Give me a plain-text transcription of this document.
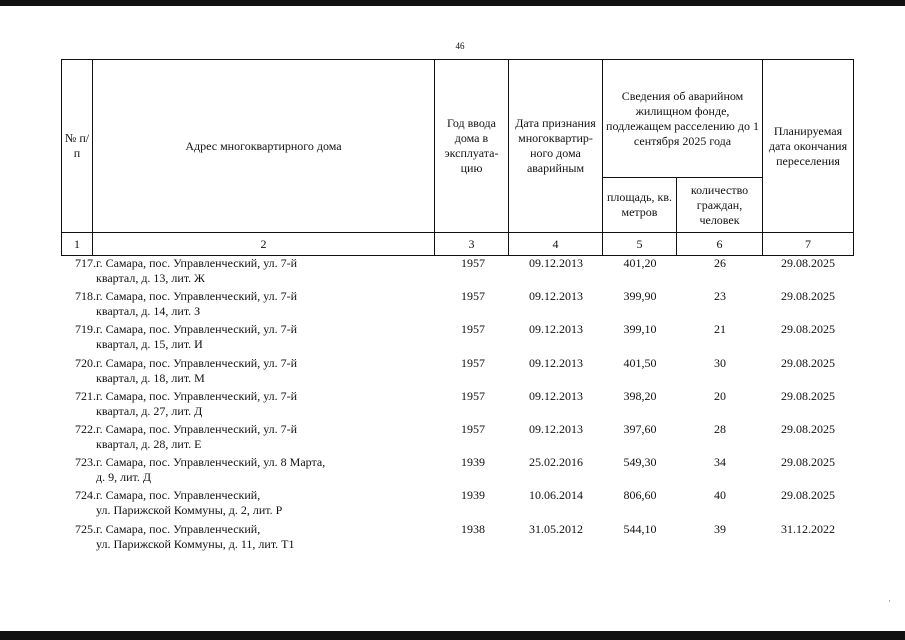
46
№ п/п	Адрес многоквартирного дома	Год ввода дома в эксплуата-цию	Дата признания многоквартир-ного дома аварийным	Сведения об аварийном жилищном фонде, подлежащем расселению до 1 сентября 2025 года		Планируемая дата окончания переселения
				площадь, кв. метров	количество граждан, человек	
1	2	3	4	5	6	7
717. г. Самара, пос. Управленческий, ул. 7-й
квартал, д. 13, лит. Ж
1957	09.12.2013	401,20	26	29.08.2025
718. г. Самара, пос. Управленческий, ул. 7-й
квартал, д. 14, лит. З
1957	09.12.2013	399,90	23	29.08.2025
719. г. Самара, пос. Управленческий, ул. 7-й
квартал, д. 15, лит. И
1957	09.12.2013	399,10	21	29.08.2025
720. г. Самара, пос. Управленческий, ул. 7-й
квартал, д. 18, лит. М
1957	09.12.2013	401,50	30	29.08.2025
721. г. Самара, пос. Управленческий, ул. 7-й
квартал, д. 27, лит. Д
1957	09.12.2013	398,20	20	29.08.2025
722. г. Самара, пос. Управленческий, ул. 7-й
квартал, д. 28, лит. Е
1957	09.12.2013	397,60	28	29.08.2025
723. г. Самара, пос. Управленческий, ул. 8 Марта,
д. 9, лит. Д
1939	25.02.2016	549,30	34	29.08.2025
724. г. Самара, пос. Управленческий,
ул. Парижской Коммуны, д. 2, лит. Р
1939	10.06.2014	806,60	40	29.08.2025
725. г. Самара, пос. Управленческий,
ул. Парижской Коммуны, д. 11, лит. Т1
1938	31.05.2012	544,10	39	31.12.2022
·
